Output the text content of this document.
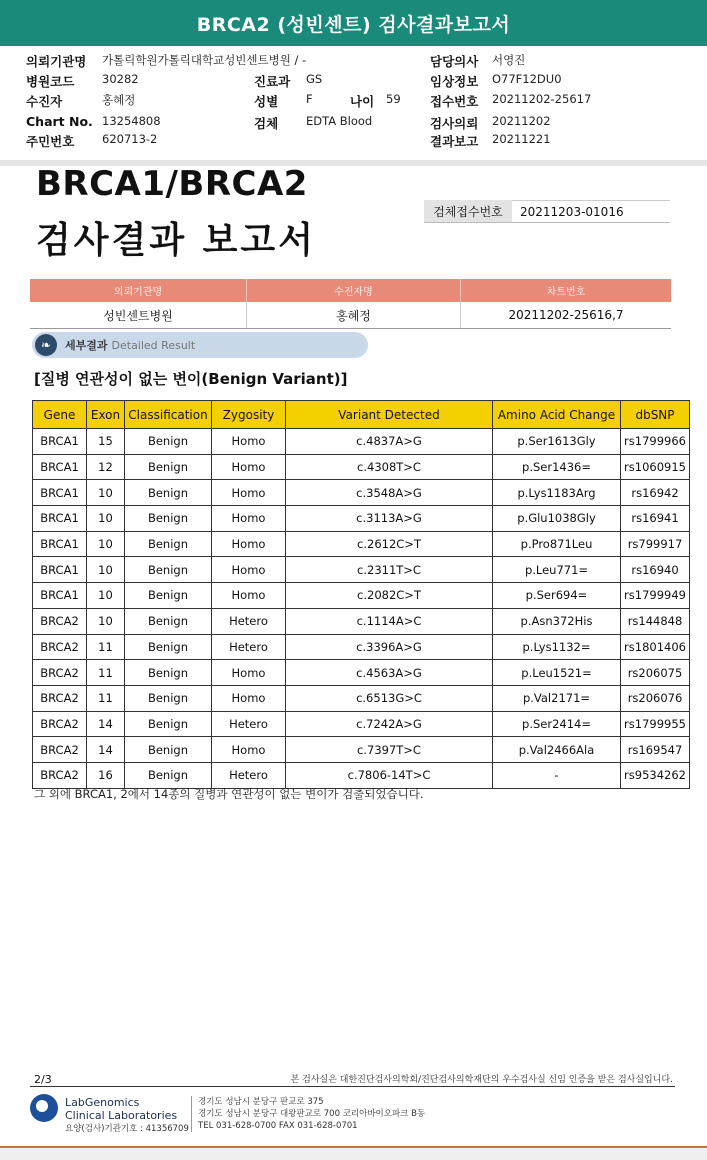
BRCA2 (성빈센트) 검사결과보고서
의뢰기관명 가톨릭학원가톨릭대학교성빈센트병원 / -	담당의사 서영진
병원코드 30282	진료과 GS	임상정보 O77F12DU0
수진자	홍혜정	성별 F	나이 59 접수번호 20211202-25617
Chart No. 13254808	검체 EDTA Blood	검사의뢰 20211202
주민번호 620713-2	결과보고 20211221
BRCA1/BRCA2
검사결과 보고서
검체접수번호	20211203-01016
의뢰기관명	수진자명	차트번호
성빈센트병원	홍혜정	20211202-25616,7
❧	세부결과 Detailed Result
[질병 연관성이 없는 변이(Benign Variant)]
Gene	Exon	Classification	Zygosity	Variant Detected	Amino Acid Change	dbSNP
BRCA1	15	Benign	Homo	c.4837A>G	p.Ser1613Gly	rs1799966
BRCA1	12	Benign	Homo	c.4308T>C	p.Ser1436=	rs1060915
BRCA1	10	Benign	Homo	c.3548A>G	p.Lys1183Arg	rs16942
BRCA1	10	Benign	Homo	c.3113A>G	p.Glu1038Gly	rs16941
BRCA1	10	Benign	Homo	c.2612C>T	p.Pro871Leu	rs799917
BRCA1	10	Benign	Homo	c.2311T>C	p.Leu771=	rs16940
BRCA1	10	Benign	Homo	c.2082C>T	p.Ser694=	rs1799949
BRCA2	10	Benign	Hetero	c.1114A>C	p.Asn372His	rs144848
BRCA2	11	Benign	Hetero	c.3396A>G	p.Lys1132=	rs1801406
BRCA2	11	Benign	Homo	c.4563A>G	p.Leu1521=	rs206075
BRCA2	11	Benign	Homo	c.6513G>C	p.Val2171=	rs206076
BRCA2	14	Benign	Hetero	c.7242A>G	p.Ser2414=	rs1799955
BRCA2	14	Benign	Homo	c.7397T>C	p.Val2466Ala	rs169547
BRCA2	16	Benign	Hetero	c.7806-14T>C	-	rs9534262
그 외에 BRCA1, 2에서 14종의 질병과 연관성이 없는 변이가 검출되었습니다.
2/3	본 검사실은 대한진단검사의학회/진단검사의학재단의 우수검사실 신임 인증을 받은 검사실입니다.
LabGenomics
Clinical Laboratories
요양(검사)기관기호 : 41356709
경기도 성남시 분당구 판교로 375
경기도 성남시 분당구 대왕판교로 700 코리아바이오파크 B동
TEL 031-628-0700 FAX 031-628-0701
